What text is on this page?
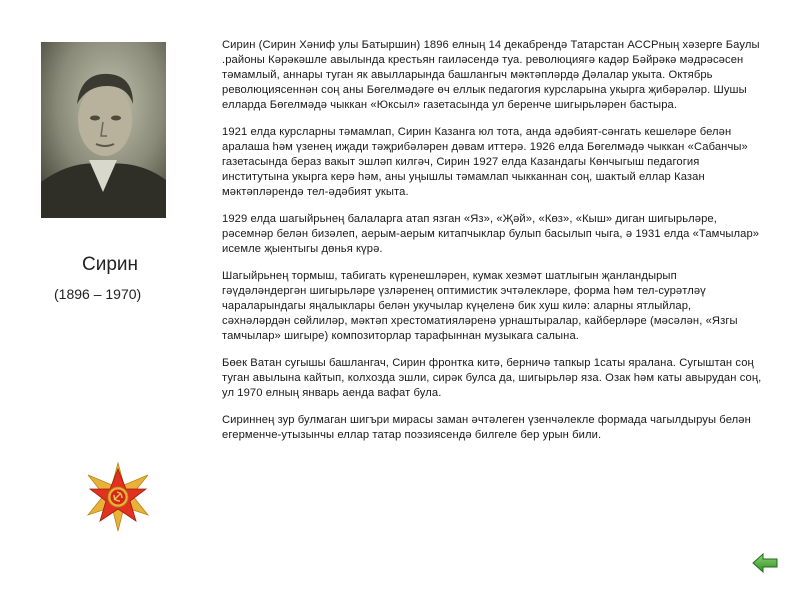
Сирин
(1896 – 1970)

Сирин (Сирин Хәниф улы Батыршин) 1896 елның 14 декабрендә Татарстан АССРның хәзерге Баулы .районы Кәрәкәшле авылында крестьян гаиләсендә туа. революциягә кадәр Бәйрәкә мәдрәсәсен тәмамлый, аннары туган як авылларында башлангыч мәктәпләрдә Дәлалар укыта. Октябрь революциясеннән соң аны Бөгелмәдәге өч еллык педагогия курсларына укырга җибәрәләр. Шушы елларда Бөгелмәдә чыккан «Юксыл» газетасында ул беренче шигырьләрен бастыра.

1921 елда курсларны тәмамлап, Сирин Казанга юл тота, анда әдәбият-сәнгать кешеләре белән аралаша һәм үзенең иҗади тәҗрибәләрен дәвам иттерә. 1926 елда Бөгелмәдә чыккан «Сабанчы» газетасында бераз вакыт эшләп килгәч, Сирин 1927 елда Казандагы Көнчыгыш педагогия институтына укырга керә һәм, аны уңышлы тәмамлап чыкканнан соң, шактый еллар Казан мәктәпләрендә тел-әдәбият укыта.

1929 елда шагыйрьнең балаларга атап язган «Яз», «Җәй», «Көз», «Кыш» диган шигырьләре, рәсемнәр белән бизәлеп, аерым-аерым китапчыклар булып басылып чыга, ә 1931 елда «Тамчылар» исемле җыентыгы дөнья күрә.

Шагыйрьнең тормыш, табигать күренешләрен, кумак хезмәт шатлыгын җанландырып гәүдәләндергән шигырьләре үзләренең оптимистик эчтәлекләре, форма һәм тел-сурәтләү чараларындагы яңалыклары белән укучылар күңеленә бик хуш килә: аларны ятлыйлар, сәхнәләрдән сөйлиләр, мәктәп хрестоматияләренә урнаштыралар, кайберләре (мәсәлән, «Язгы тамчылар» шигыре) композиторлар тарафыннан музыкага салына.

Бөек Ватан сугышы башлангач, Сирин фронтка китә, берничә тапкыр 1саты яралана. Сугыштан соң туган авылына кайтып, колхозда эшли, сирәк булса да, шигырьләр яза. Озак һәм каты авырудан соң, ул 1970 елның январь аенда вафат була.

Сириннең зур булмаган шигъри мирасы заман әчтәлеген үзенчәлекле формада чагылдыруы белән егерменче-утызынчы еллар татар поэзиясендә билгеле бер урын били.
